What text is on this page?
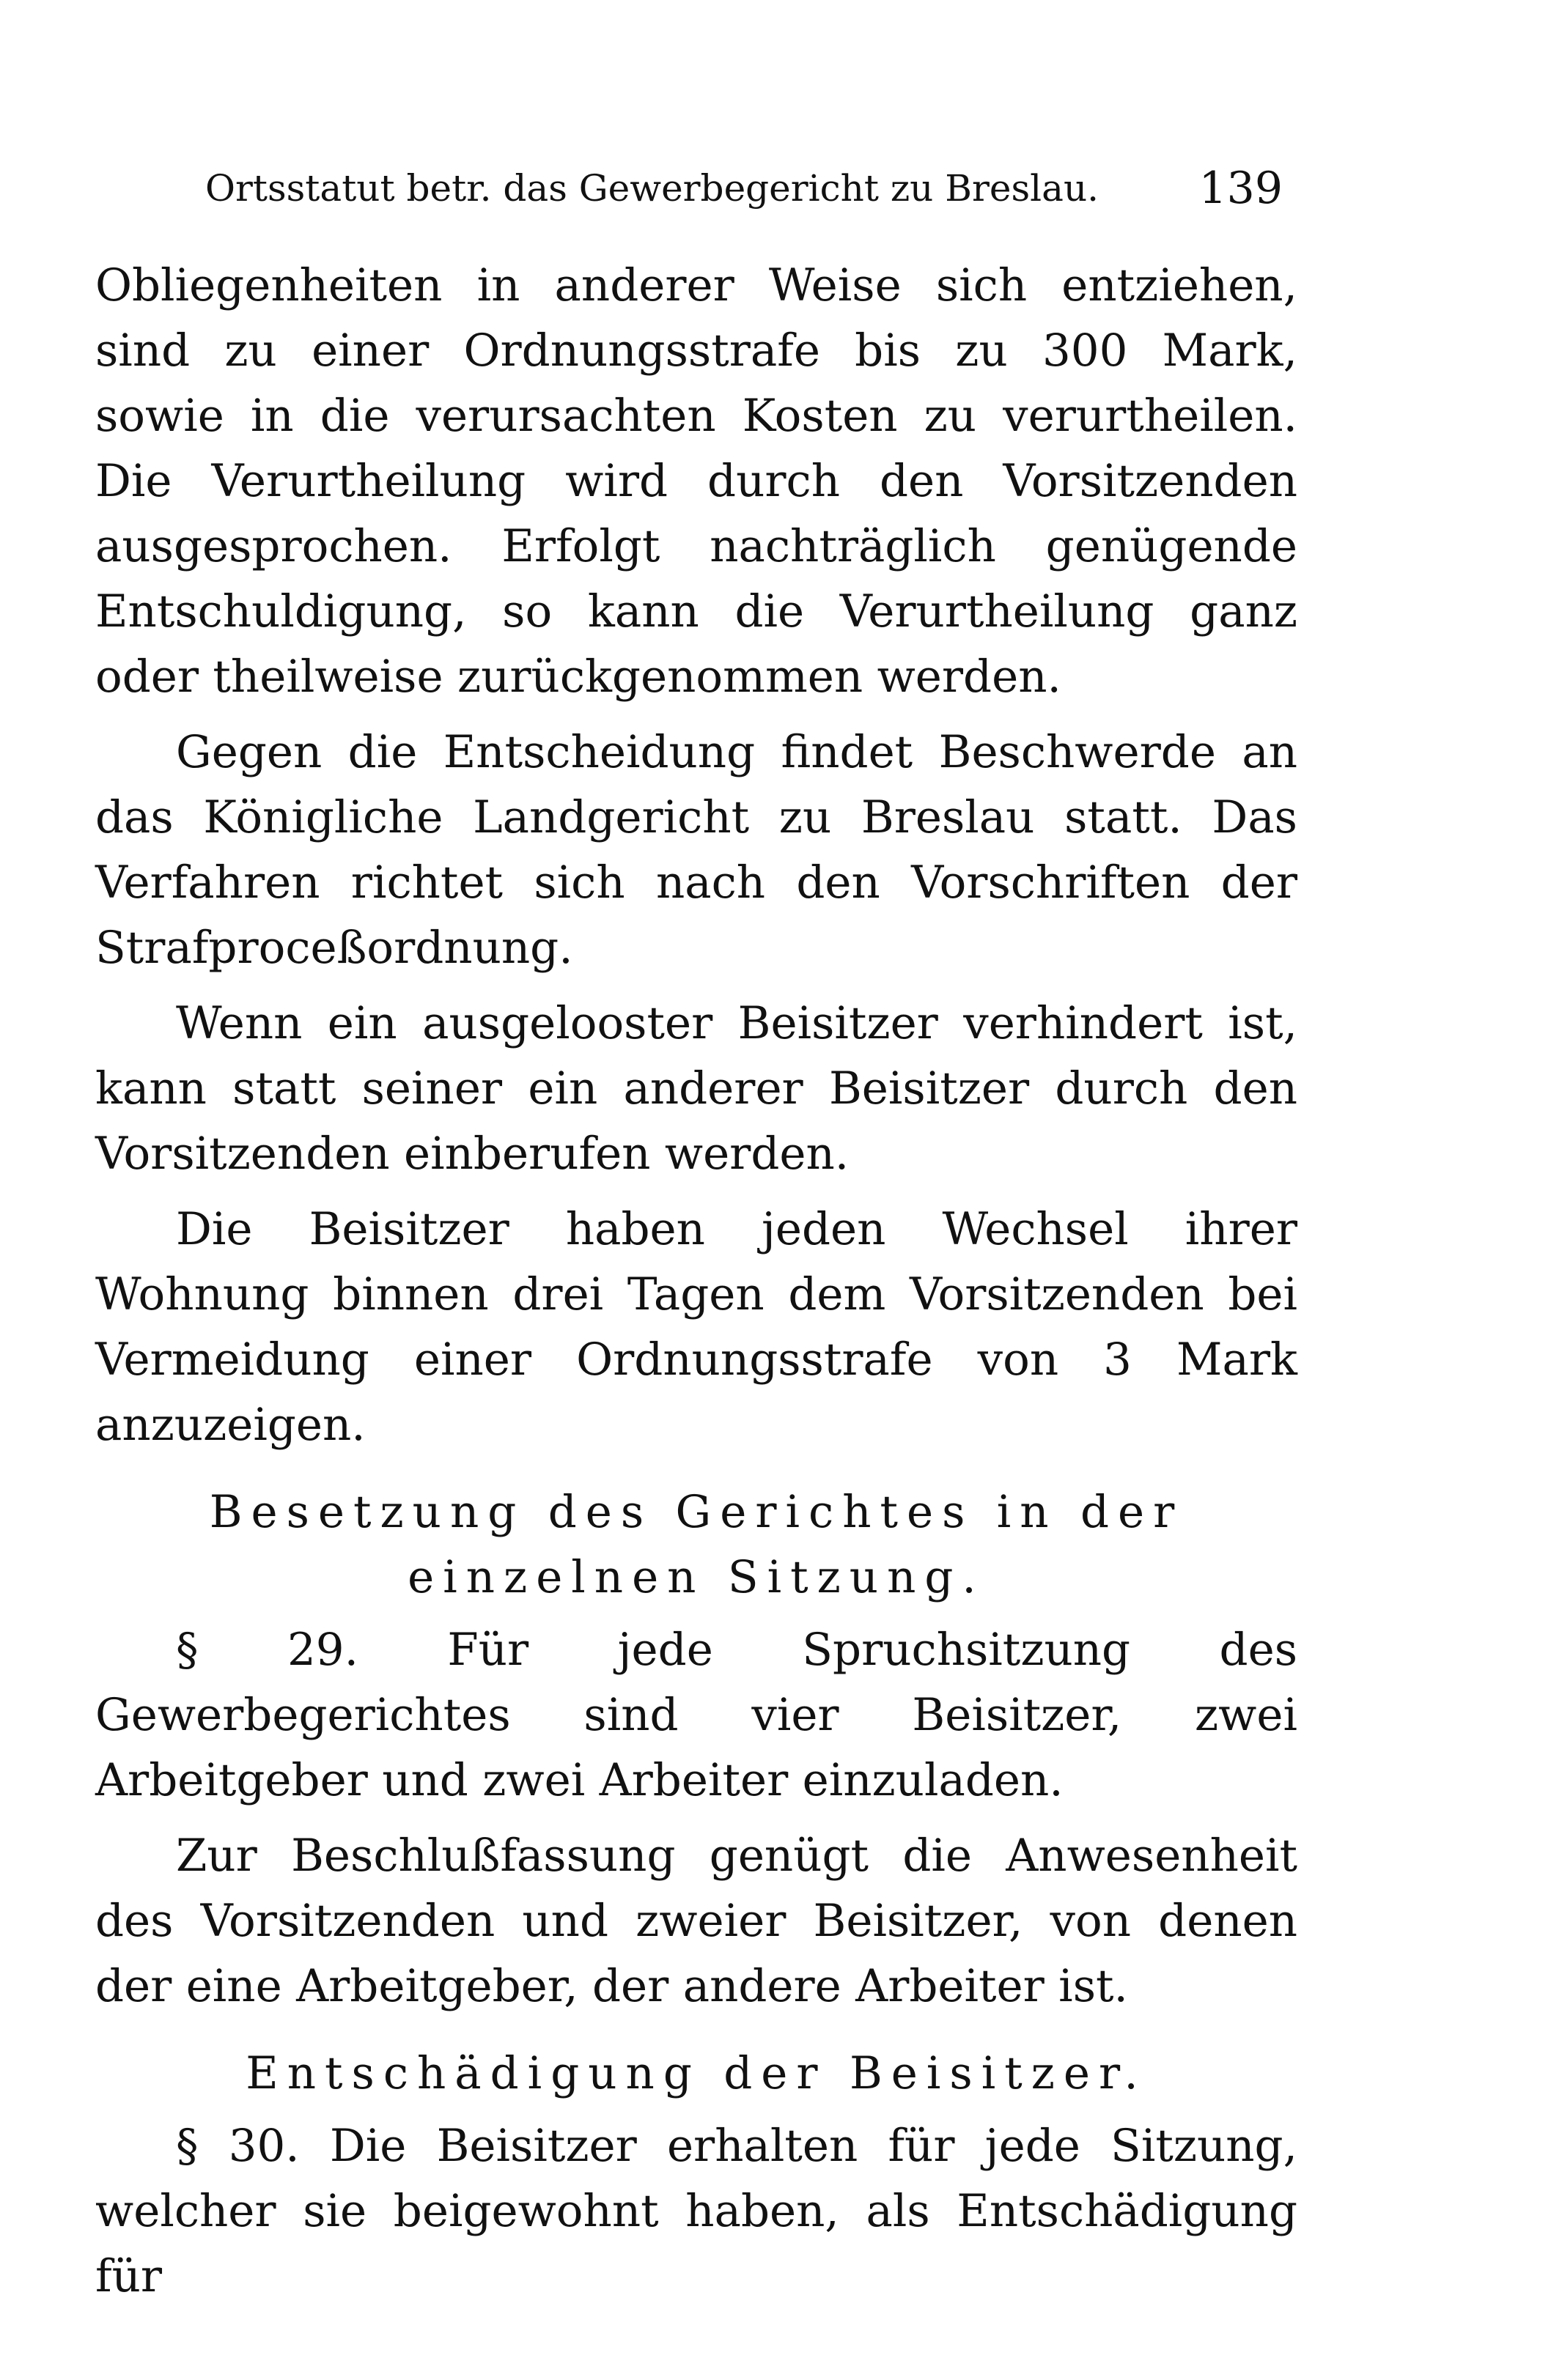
Ortsstatut betr. das Gewerbegericht zu Breslau. 139

Obliegenheiten in anderer Weise sich entziehen, sind zu einer Ordnungsstrafe bis zu 300 Mark, sowie in die verursachten Kosten zu verurtheilen. Die Verurtheilung wird durch den Vorsitzenden ausgesprochen. Erfolgt nachträglich genügende Entschuldigung, so kann die Verurtheilung ganz oder theilweise zurückgenommen werden.

Gegen die Entscheidung findet Beschwerde an das Königliche Landgericht zu Breslau statt. Das Verfahren richtet sich nach den Vorschriften der Strafproceßordnung.

Wenn ein ausgelooster Beisitzer verhindert ist, kann statt seiner ein anderer Beisitzer durch den Vorsitzenden einberufen werden.

Die Beisitzer haben jeden Wechsel ihrer Wohnung binnen drei Tagen dem Vorsitzenden bei Vermeidung einer Ordnungsstrafe von 3 Mark anzuzeigen.

Besetzung des Gerichtes in der einzelnen Sitzung.

§ 29. Für jede Spruchsitzung des Gewerbegerichtes sind vier Beisitzer, zwei Arbeitgeber und zwei Arbeiter einzuladen.

Zur Beschlußfassung genügt die Anwesenheit des Vorsitzenden und zweier Beisitzer, von denen der eine Arbeitgeber, der andere Arbeiter ist.

Entschädigung der Beisitzer.

§ 30. Die Beisitzer erhalten für jede Sitzung, welcher sie beigewohnt haben, als Entschädigung für
